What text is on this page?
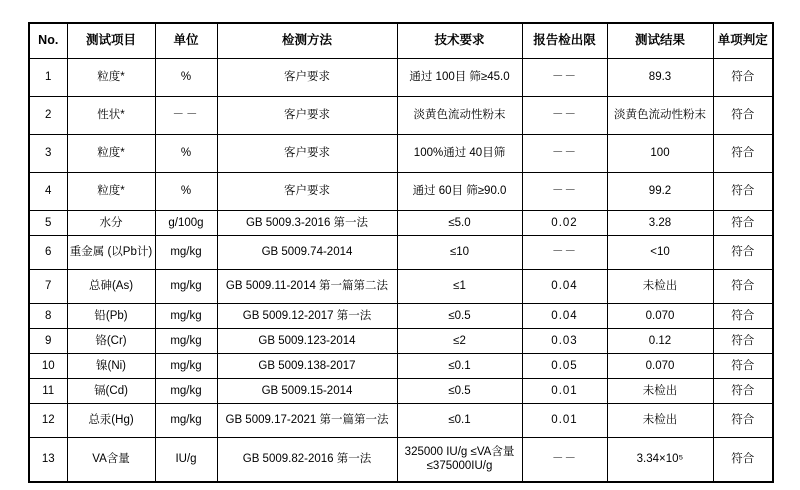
No.	测试项目	单位	检测方法	技术要求	报告检出限	测试结果	单项判定
1	粒度*	%	客户要求	通过 100目 筛≥45.0	－－	89.3	符合
2	性状*	－－	客户要求	淡黄色流动性粉末	－－	淡黄色流动性粉末	符合
3	粒度*	%	客户要求	100%通过 40目筛	－－	100	符合
4	粒度*	%	客户要求	通过 60目 筛≥90.0	－－	99.2	符合
5	水分	g/100g	GB 5009.3-2016 第一法	≤5.0	0.02	3.28	符合
6	重金属 (以Pb计)	mg/kg	GB 5009.74-2014	≤10	－－	<10	符合
7	总砷(As)	mg/kg	GB 5009.11-2014 第一篇第二法	≤1	0.04	未检出	符合
8	铅(Pb)	mg/kg	GB 5009.12-2017 第一法	≤0.5	0.04	0.070	符合
9	铬(Cr)	mg/kg	GB 5009.123-2014	≤2	0.03	0.12	符合
10	镍(Ni)	mg/kg	GB 5009.138-2017	≤0.1	0.05	0.070	符合
11	镉(Cd)	mg/kg	GB 5009.15-2014	≤0.5	0.01	未检出	符合
12	总汞(Hg)	mg/kg	GB 5009.17-2021 第一篇第一法	≤0.1	0.01	未检出	符合
13	VA含量	IU/g	GB 5009.82-2016 第一法	325000 IU/g ≤VA含量≤375000IU/g	－－	3.34×10⁵	符合
